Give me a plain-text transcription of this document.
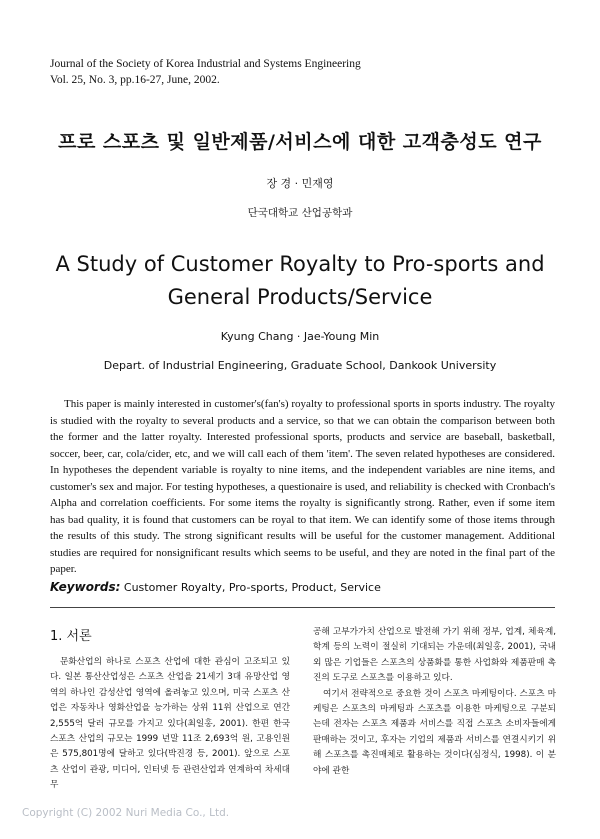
Journal of the Society of Korea Industrial and Systems Engineering
Vol. 25, No. 3, pp.16-27, June, 2002.
프로 스포츠 및 일반제품/서비스에 대한 고객충성도 연구
장 경 · 민재영
단국대학교 산업공학과
A Study of Customer Royalty to Pro-sports and
General Products/Service
Kyung Chang · Jae-Young Min
Depart. of Industrial Engineering, Graduate School, Dankook University
This paper is mainly interested in customer's(fan's) royalty to professional sports in sports industry. The royalty is studied with the royalty to several products and a service, so that we can obtain the comparison between both the former and the latter royalty. Interested professional sports, products and service are baseball, basketball, soccer, beer, car, cola/cider, etc, and we will call each of them 'item'. The seven related hypotheses are considered. In hypotheses the dependent variable is royalty to nine items, and the independent variables are nine items, and customer's sex and major. For testing hypotheses, a questionaire is used, and reliability is checked with Cronbach's Alpha and correlation coefficients. For some items the royalty is significantly strong. Rather, even if some item has bad quality, it is found that customers can be royal to that item. We can identify some of those items through the results of this study. The strong significant results will be useful for the customer management. Additional studies are required for nonsignificant results which seems to be useful, and they are noted in the final part of the paper.
Keywords: Customer Royalty, Pro-sports, Product, Service
1. 서론
문화산업의 하나로 스포츠 산업에 대한 관심이 고조되고 있다. 일본 통산산업성은 스포츠 산업을 21세기 3대 유망산업 영역의 하나인 감성산업 영역에 올려놓고 있으며, 미국 스포츠 산업은 자동차나 영화산업을 능가하는 상위 11위 산업으로 연간 2,555억 달러 규모를 가지고 있다(최일홍, 2001). 한편 한국 스포츠 산업의 규모는 1999 년말 11조 2,693억 원, 고용인원은 575,801명에 달하고 있다(박진경 등, 2001). 앞으로 스포츠 산업이 관광, 미디어, 인터넷 등 관련산업과 연계하여 차세대 무

공해 고부가가치 산업으로 발전해 가기 위해 정부, 업계, 체육계, 학계 등의 노력이 절실히 기대되는 가운데(최일홍, 2001), 국내외 많은 기업들은 스포츠의 상품화를 통한 사업화와 제품판매 촉진의 도구로 스포츠를 이용하고 있다.

여기서 전략적으로 중요한 것이 스포츠 마케팅이다. 스포츠 마케팅은 스포츠의 마케팅과 스포츠를 이용한 마케팅으로 구분되는데 전자는 스포츠 제품과 서비스를 직접 스포츠 소비자들에게 판매하는 것이고, 후자는 기업의 제품과 서비스를 연결시키기 위해 스포츠를 촉진매체로 활용하는 것이다(심정식, 1998). 이 분야에 관한

Copyright (C) 2002 Nuri Media Co., Ltd.
